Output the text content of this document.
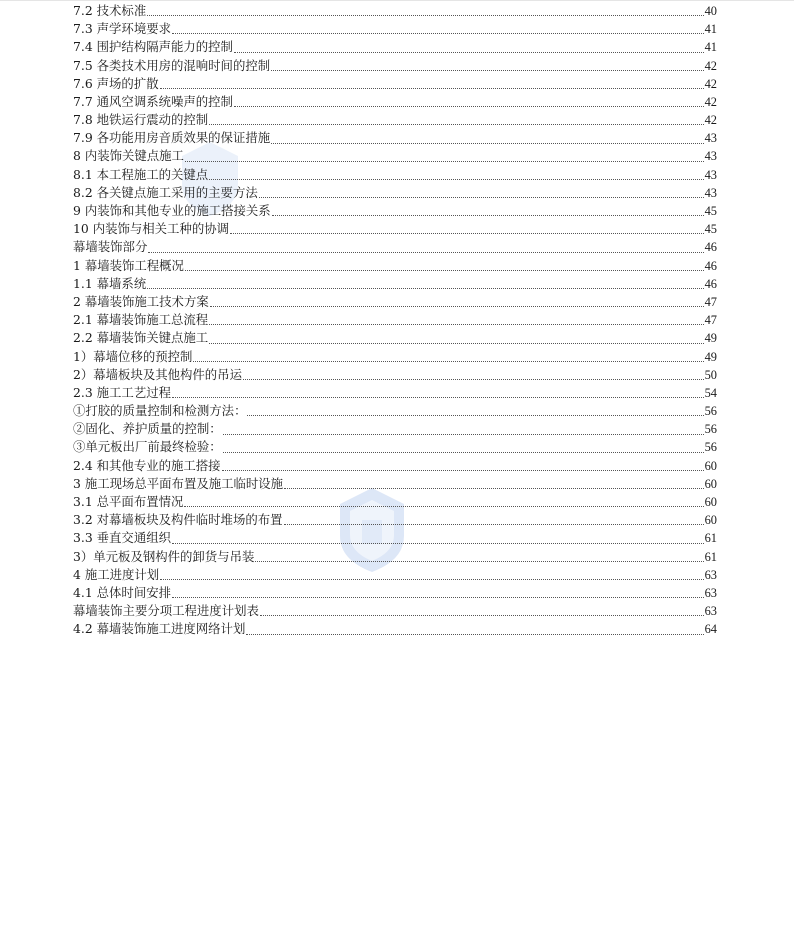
7.2 技术标准	40
7.3 声学环境要求	41
7.4 围护结构隔声能力的控制	41
7.5 各类技术用房的混响时间的控制	42
7.6 声场的扩散	42
7.7 通风空调系统噪声的控制	42
7.8 地铁运行震动的控制	42
7.9 各功能用房音质效果的保证措施	43
8 内装饰关键点施工	43
8.1 本工程施工的关键点	43
8.2 各关键点施工采用的主要方法	43
9 内装饰和其他专业的施工搭接关系	45
10 内装饰与相关工种的协调	45
幕墙装饰部分	46
1 幕墙装饰工程概况	46
1.1 幕墙系统	46
2 幕墙装饰施工技术方案	47
2.1 幕墙装饰施工总流程	47
2.2 幕墙装饰关键点施工	49
1）幕墙位移的预控制	49
2）幕墙板块及其他构件的吊运	50
2.3 施工工艺过程	54
①打胶的质量控制和检测方法：	56
②固化、养护质量的控制：	56
③单元板出厂前最终检验：	56
2.4 和其他专业的施工搭接	60
3 施工现场总平面布置及施工临时设施	60
3.1 总平面布置情况	60
3.2 对幕墙板块及构件临时堆场的布置	60
3.3 垂直交通组织	61
3）单元板及钢构件的卸货与吊装	61
4 施工进度计划	63
4.1 总体时间安排	63
幕墙装饰主要分项工程进度计划表	63
4.2 幕墙装饰施工进度网络计划	64
